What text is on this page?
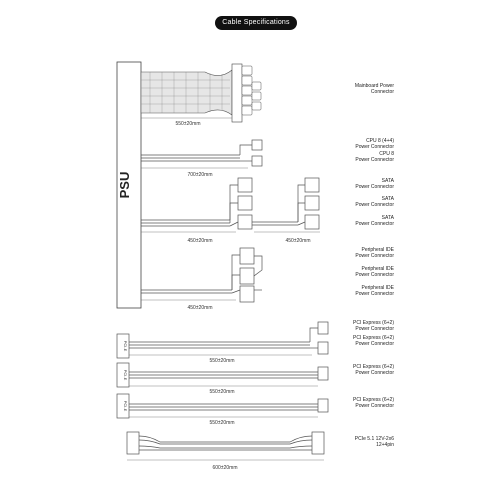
Cable Specifications
PSU
550±20mm
700±20mm
450±20mm	450±20mm
450±20mm
PCI-E
550±20mm
PCI-E
550±20mm
PCI-E
550±20mm
600±20mm
Mainboard Power
Connector
CPU 8 (4+4)
Power Connector
CPU 8
Power Connector
SATA
Power Connector
SATA
Power Connector
SATA
Power Connector
Peripheral IDE
Power Connector
Peripheral IDE
Power Connector
Peripheral IDE
Power Connector
PCI Express (6+2)
Power Connector
PCI Express (6+2)
Power Connector
PCI Express (6+2)
Power Connector
PCI Express (6+2)
Power Connector
PCIe 5.1 12V-2x6
12+4pin
